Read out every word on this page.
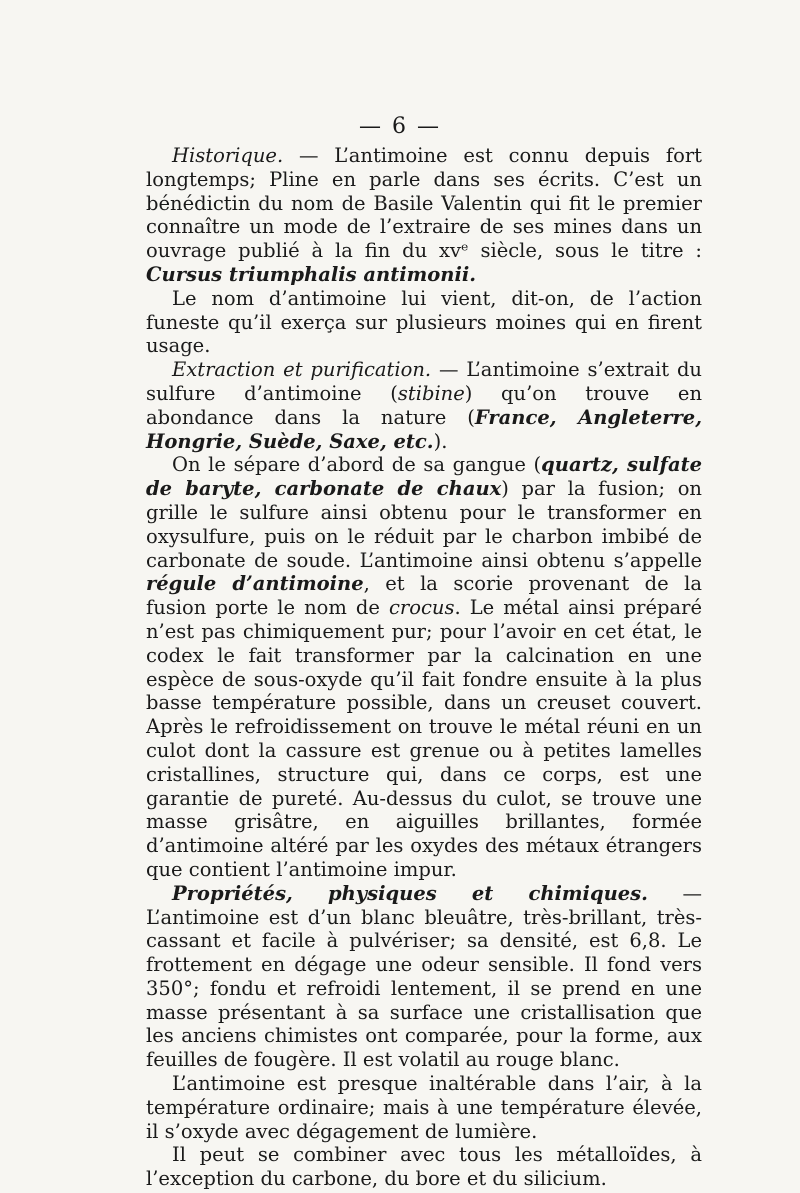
— 6 —

Historique. — L’antimoine est connu depuis fort longtemps; Pline en parle dans ses écrits. C’est un bénédictin du nom de Basile Valentin qui fit le premier connaître un mode de l’extraire de ses mines dans un ouvrage publié à la fin du xvᵉ siècle, sous le titre : Cursus triumphalis antimonii.

Le nom d’antimoine lui vient, dit-on, de l’action funeste qu’il exerça sur plusieurs moines qui en firent usage.

Extraction et purification. — L’antimoine s’extrait du sulfure d’antimoine (stibine) qu’on trouve en abondance dans la nature (France, Angleterre, Hongrie, Suède, Saxe, etc.).

On le sépare d’abord de sa gangue (quartz, sulfate de baryte, carbonate de chaux) par la fusion; on grille le sulfure ainsi obtenu pour le transformer en oxysulfure, puis on le réduit par le charbon imbibé de carbonate de soude. L’antimoine ainsi obtenu s’appelle régule d’antimoine, et la scorie provenant de la fusion porte le nom de crocus. Le métal ainsi préparé n’est pas chimiquement pur; pour l’avoir en cet état, le codex le fait transformer par la calcination en une espèce de sous-oxyde qu’il fait fondre ensuite à la plus basse température possible, dans un creuset couvert. Après le refroidissement on trouve le métal réuni en un culot dont la cassure est grenue ou à petites lamelles cristallines, structure qui, dans ce corps, est une garantie de pureté. Au-dessus du culot, se trouve une masse grisâtre, en aiguilles brillantes, formée d’antimoine altéré par les oxydes des métaux étrangers que contient l’antimoine impur.

Propriétés, physiques et chimiques. — L’antimoine est d’un blanc bleuâtre, très-brillant, très-cassant et facile à pulvériser; sa densité, est 6,8. Le frottement en dégage une odeur sensible. Il fond vers 350°; fondu et refroidi lentement, il se prend en une masse présentant à sa surface une cristallisation que les anciens chimistes ont comparée, pour la forme, aux feuilles de fougère. Il est volatil au rouge blanc.

L’antimoine est presque inaltérable dans l’air, à la température ordinaire; mais à une température élevée, il s’oxyde avec dégagement de lumière.

Il peut se combiner avec tous les métalloïdes, à l’exception du carbone, du bore et du silicium.
